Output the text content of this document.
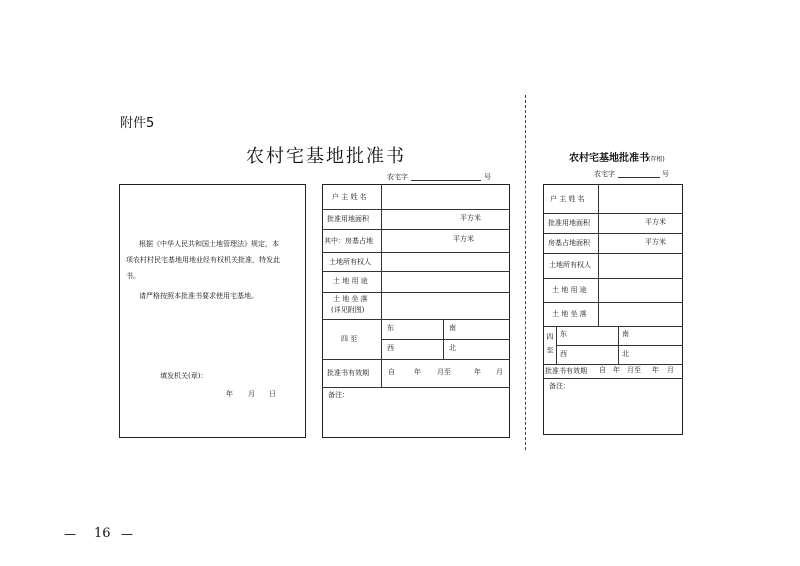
附件5
农村宅基地批准书
农宅字	号
根据《中华人民共和国土地管理法》规定，本
项农村村民宅基地用地业经有权机关批准，特发此
书。
请严格按照本批准书要求使用宅基地。
填发机关(章)：
年 月 日
户 主 姓 名
批准用地面积	平方米
其中：房基占地	平方米
土地所有权人
土 地 用 途
土 地 坐 落
(详见附图)
四 至
东	南
西	北
批准书有效期	自	年 月至	年 月
备注：
农村宅基地批准书 (存根)
农宅字	号
户 主 姓 名
批准用地面积	平方米
房基占地面积	平方米
土地所有权人
土 地 用 途
土 地 坐 落
四 至 东	南
西	北
批准书有效期 自 年 月至 年 月
备注：
— 16 —
